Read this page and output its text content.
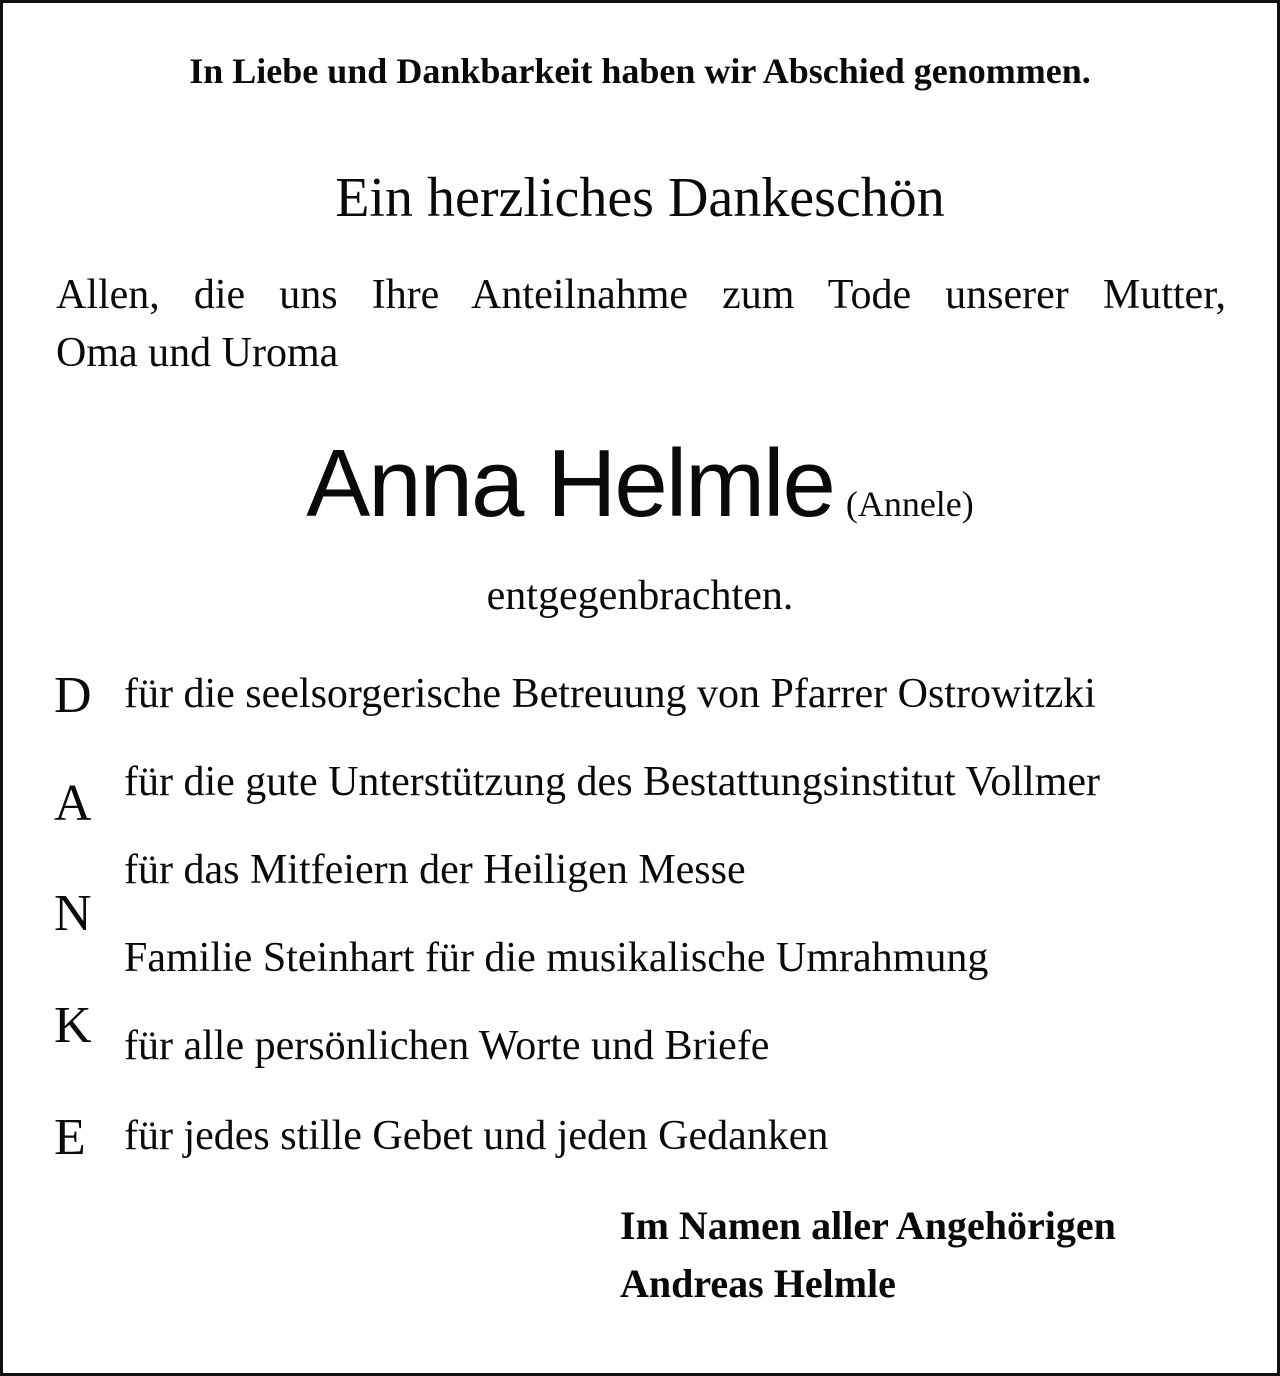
In Liebe und Dankbarkeit haben wir Abschied genommen.
Ein herzliches Dankeschön
Allen, die uns Ihre Anteilnahme zum Tode unserer Mutter,
Oma und Uroma
Anna Helmle (Annele)
entgegenbrachten.
D
A
N
K
E
für die seelsorgerische Betreuung von Pfarrer Ostrowitzki
für die gute Unterstützung des Bestattungsinstitut Vollmer
für das Mitfeiern der Heiligen Messe
Familie Steinhart für die musikalische Umrahmung
für alle persönlichen Worte und Briefe
für jedes stille Gebet und jeden Gedanken
Im Namen aller Angehörigen
Andreas Helmle
